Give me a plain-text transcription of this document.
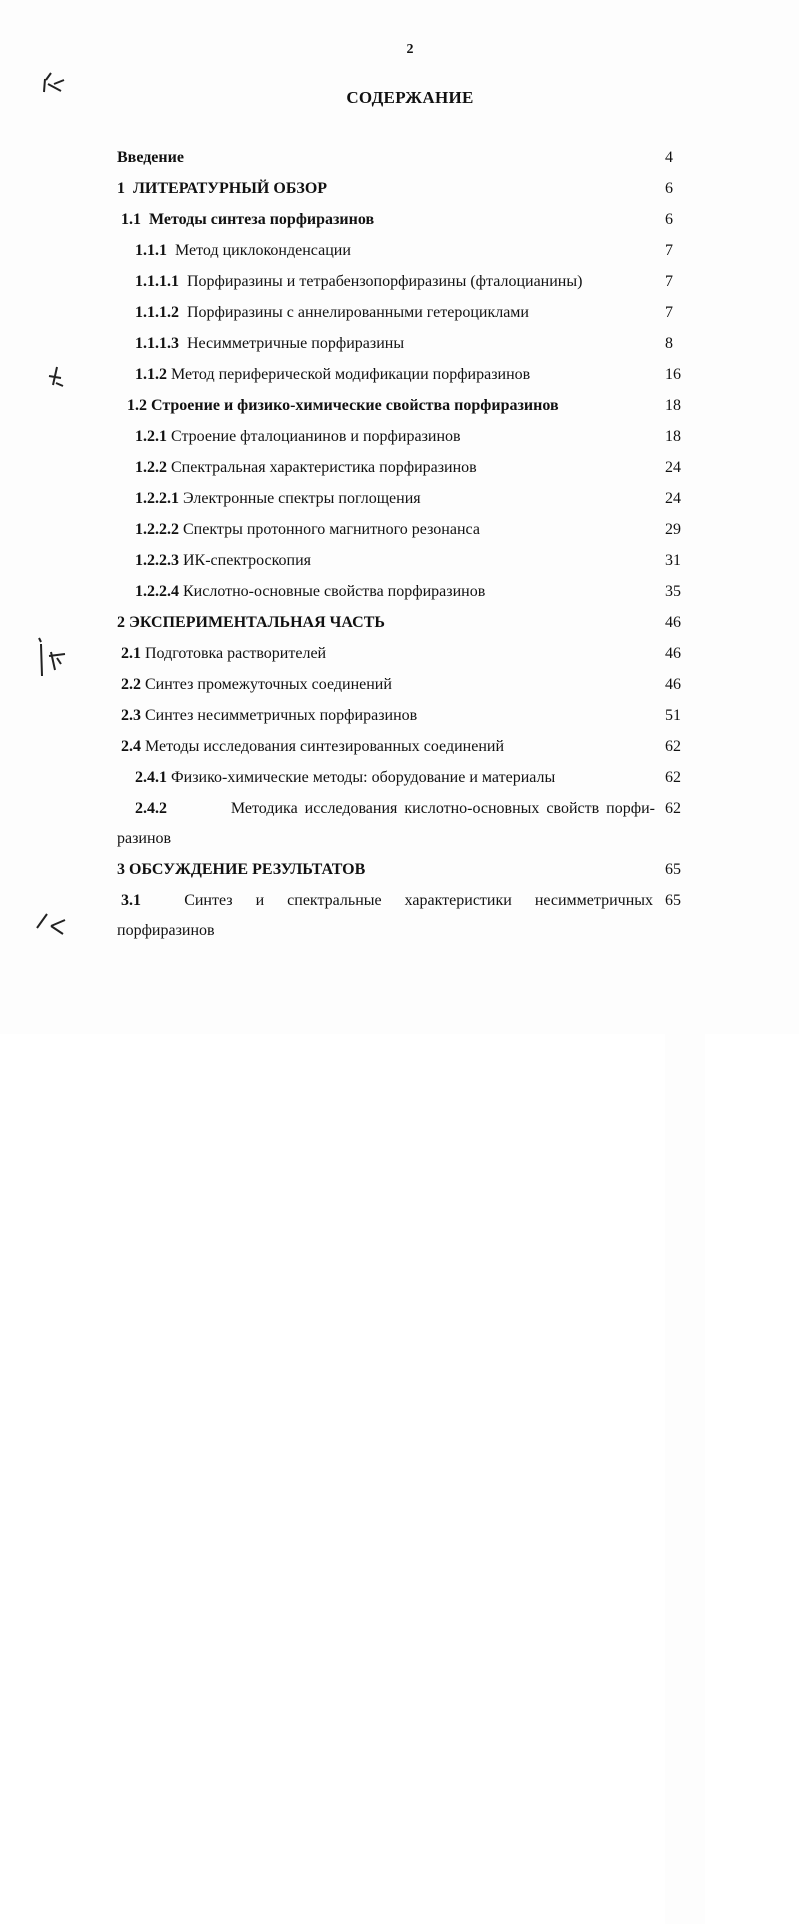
2
СОДЕРЖАНИЕ
Введение	4
1 ЛИТЕРАТУРНЫЙ ОБЗОР	6
1.1 Методы синтеза порфиразинов	6
1.1.1 Метод циклоконденсации	7
1.1.1.1 Порфиразины и тетрабензопорфиразины (фталоцианины)	7
1.1.1.2 Порфиразины с аннелированными гетероциклами	7
1.1.1.3 Несимметричные порфиразины	8
1.1.2 Метод периферической модификации порфиразинов	16
1.2 Строение и физико-химические свойства порфиразинов	18
1.2.1 Строение фталоцианинов и порфиразинов	18
1.2.2 Спектральная характеристика порфиразинов	24
1.2.2.1 Электронные спектры поглощения	24
1.2.2.2 Спектры протонного магнитного резонанса	29
1.2.2.3 ИК-спектроскопия	31
1.2.2.4 Кислотно-основные свойства порфиразинов	35
2 ЭКСПЕРИМЕНТАЛЬНАЯ ЧАСТЬ	46
2.1 Подготовка растворителей	46
2.2 Синтез промежуточных соединений	46
2.3 Синтез несимметричных порфиразинов	51
2.4 Методы исследования синтезированных соединений	62
2.4.1 Физико-химические методы: оборудование и материалы	62
2.4.2	Методика исследования кислотно-основных свойств порфи- 62
разинов
3 ОБСУЖДЕНИЕ РЕЗУЛЬТАТОВ	65
3.1	Синтез и спектральные характеристики несимметричных 65
порфиразинов
